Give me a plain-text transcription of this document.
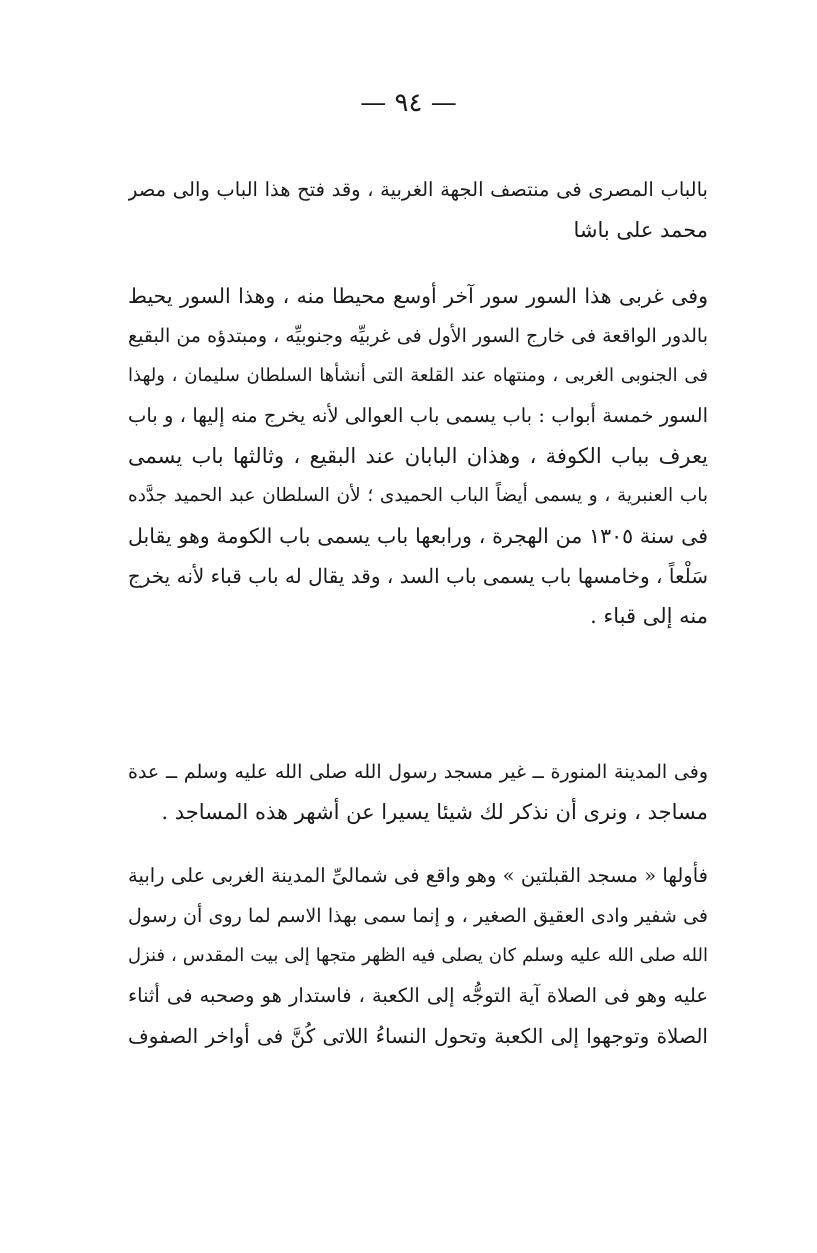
— ٩٤ —
بالباب المصرى فى منتصف الجهة الغربية ، وقد فتح هذا الباب والى مصر
محمد على باشا
وفى غربى هذا السور سور آخر أوسع محيطا منه ، وهذا السور يحيط
بالدور الواقعة فى خارج السور الأول فى غربيِّه وجنوبيِّه ، ومبتدؤه من البقيع
فى الجنوبى الغربى ، ومنتهاه عند القلعة التى أنشأها السلطان سليمان ، ولهذا
السور خمسة أبواب : باب يسمى باب العوالى لأنه يخرج منه إليها ، و باب
يعرف بباب الكوفة ، وهذان البابان عند البقيع ، وثالثها باب يسمى
باب العنبرية ، و يسمى أيضاً الباب الحميدى ؛ لأن السلطان عبد الحميد جدَّده
فى سنة ١٣٠٥ من الهجرة ، ورابعها باب يسمى باب الكومة وهو يقابل
سَلْعاً ، وخامسها باب يسمى باب السد ، وقد يقال له باب قباء لأنه يخرج
منه إلى قباء .
وفى المدينة المنورة ــ غير مسجد رسول الله صلى الله عليه وسلم ــ عدة
مساجد ، ونرى أن نذكر لك شيئا يسيرا عن أشهر هذه المساجد .
فأولها « مسجد القبلتين » وهو واقع فى شمالىِّ المدينة الغربى على رابية
فى شفير وادى العقيق الصغير ، و إنما سمى بهذا الاسم لما روى أن رسول
الله صلى الله عليه وسلم كان يصلى فيه الظهر متجها إلى بيت المقدس ، فنزل
عليه وهو فى الصلاة آية التوجُّه إلى الكعبة ، فاستدار هو وصحبه فى أثناء
الصلاة وتوجهوا إلى الكعبة وتحول النساءُ اللاتى كُنَّ فى أواخر الصفوف
